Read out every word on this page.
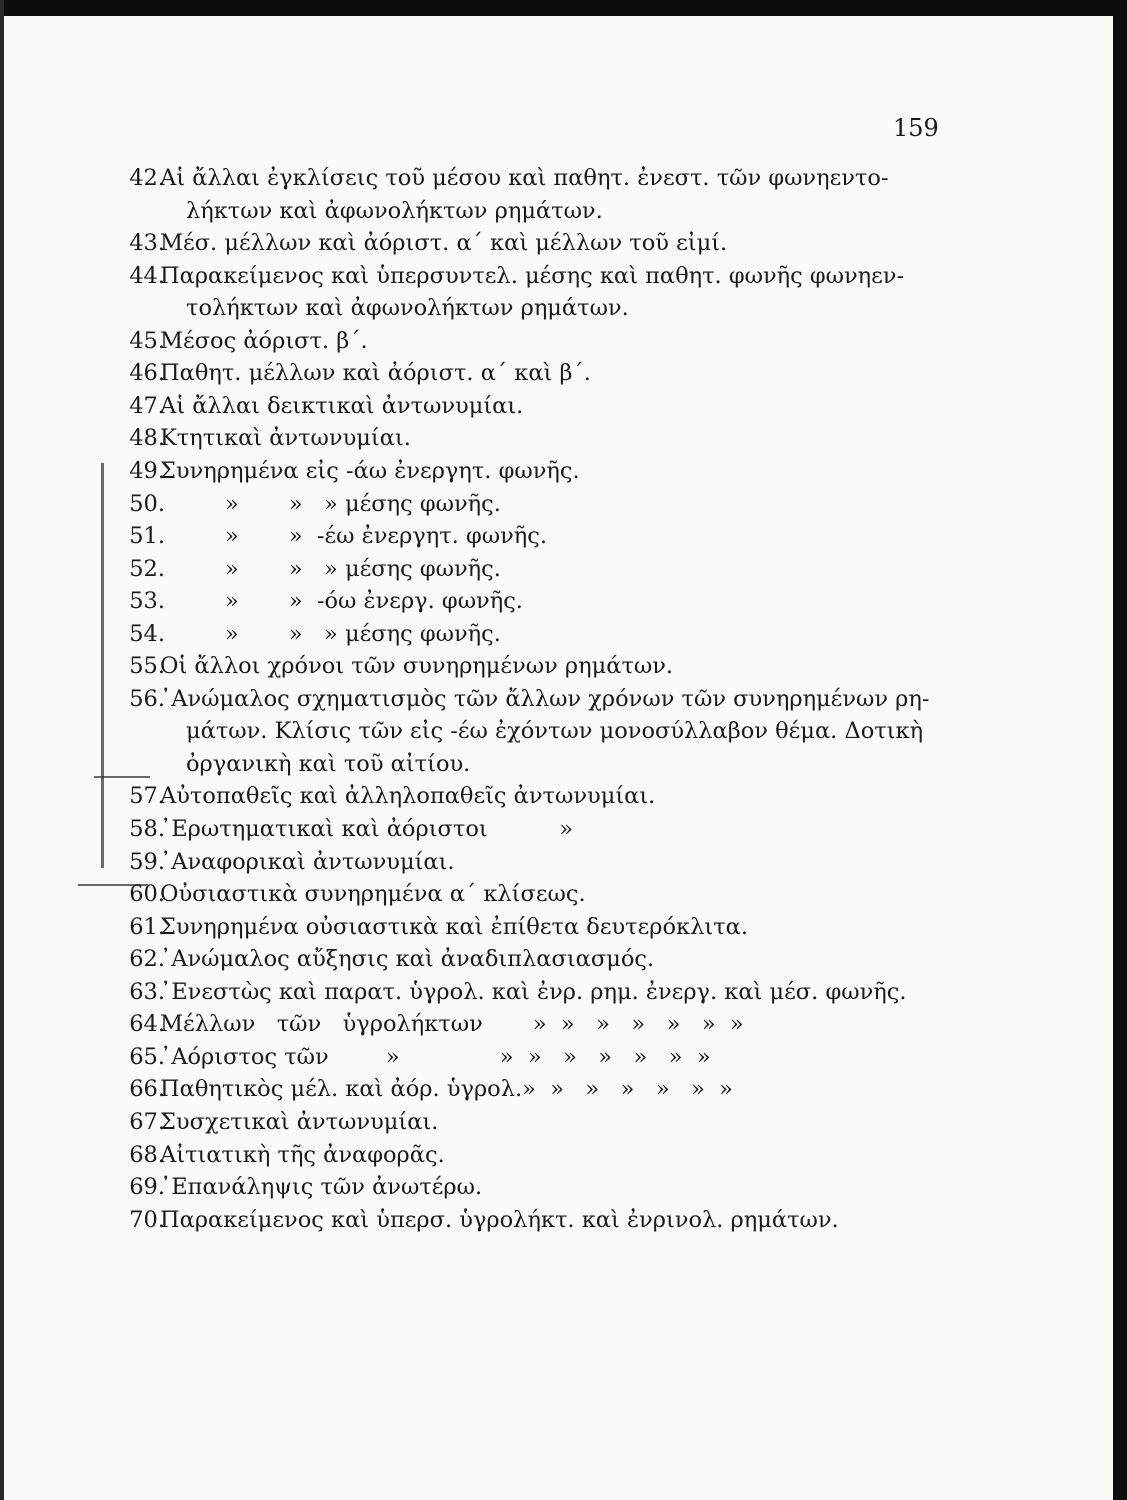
159
42.
Αἱ ἄλλαι ἐγκλίσεις τοῦ μέσου καὶ παθητ. ἐνεστ. τῶν φωνηεντο-
λήκτων καὶ ἀφωνολήκτων ρημάτων.
43.
Μέσ. μέλλων καὶ ἀόριστ. α΄ καὶ μέλλων τοῦ εἰμί.
44.
Παρακείμενος καὶ ὑπερσυντελ. μέσης καὶ παθητ. φωνῆς φωνηεν-
τολήκτων καὶ ἀφωνολήκτων ρημάτων.
45.
Μέσος ἀόριστ. β΄.
46.
Παθητ. μέλλων καὶ ἀόριστ. α΄ καὶ β΄.
47.
Αἱ ἄλλαι δεικτικαὶ ἀντωνυμίαι.
48.
Κτητικαὶ ἀντωνυμίαι.
49.
Συνηρημένα εἰς -άω ἐνεργητ. φωνῆς.
50.	»       »   » μέσης φωνῆς.
51.	»       »  -έω ἐνεργητ. φωνῆς.
52.	»       »   » μέσης φωνῆς.
53.	»       »  -όω ἐνεργ. φωνῆς.
54.	»       »   » μέσης φωνῆς.
55.
Οἱ ἄλλοι χρόνοι τῶν συνηρημένων ρημάτων.
56.
᾿Ανώμαλος σχηματισμὸς τῶν ἄλλων χρόνων τῶν συνηρημένων ρη-
μάτων. Κλίσις τῶν εἰς -έω ἐχόντων μονοσύλλαβον θέμα. Δοτικὴ
ὀργανικὴ καὶ τοῦ αἰτίου.
57.
Αὐτοπαθεῖς καὶ ἀλληλοπαθεῖς ἀντωνυμίαι.
58.
᾿Ερωτηματικαὶ καὶ ἀόριστοι          »
59.
᾿Αναφορικαὶ ἀντωνυμίαι.
60.
Οὐσιαστικὰ συνηρημένα α΄ κλίσεως.
61.
Συνηρημένα οὐσιαστικὰ καὶ ἐπίθετα δευτερόκλιτα.
62.
᾿Ανώμαλος αὔξησις καὶ ἀναδιπλασιασμός.
63.
᾿Ενεστὼς καὶ παρατ. ὑγρολ. καὶ ἐνρ. ρημ. ἐνεργ. καὶ μέσ. φωνῆς.
64.
Μέλλων   τῶν   ὑγρολήκτων       »  »   »   »   »   »  »
65.
᾿Αόριστος τῶν        »              »  »   »   »   »   »  »
66.
Παθητικὸς μέλ. καὶ ἀόρ. ὑγρολ.»  »   »   »   »   »  »
67.
Συσχετικαὶ ἀντωνυμίαι.
68.
Αἰτιατικὴ τῆς ἀναφορᾶς.
69.
᾿Επανάληψις τῶν ἀνωτέρω.
70.
Παρακείμενος καὶ ὑπερσ. ὑγρολήκτ. καὶ ἐνρινολ. ρημάτων.
